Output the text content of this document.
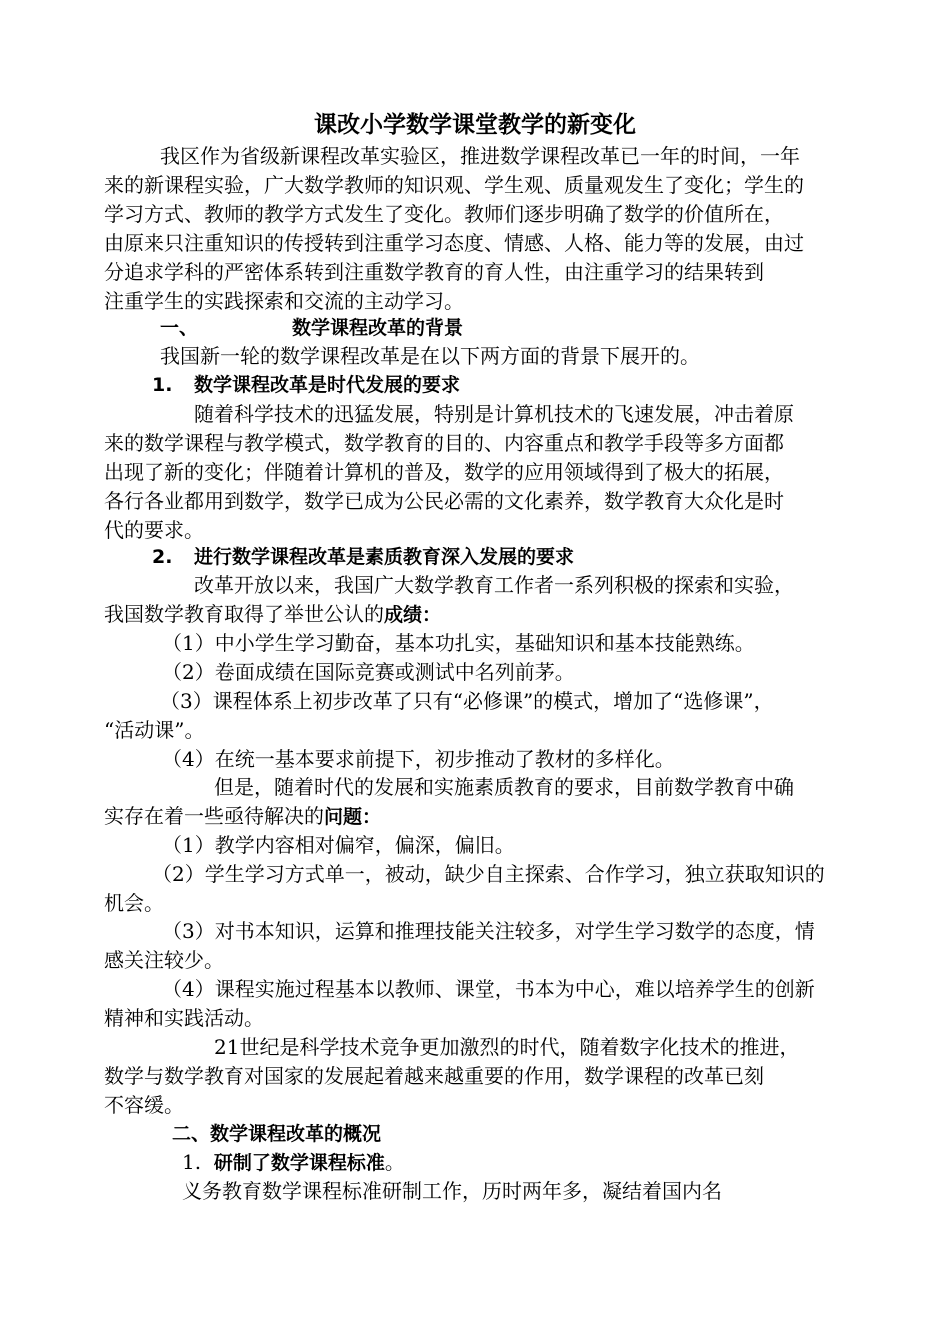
课改小学数学课堂教学的新变化
我区作为省级新课程改革实验区，推进数学课程改革已一年的时间，一年
来的新课程实验，广大数学教师的知识观、学生观、质量观发生了变化；学生的
学习方式、教师的教学方式发生了变化。教师们逐步明确了数学的价值所在，
由原来只注重知识的传授转到注重学习态度、情感、人格、能力等的发展，由过
分追求学科的严密体系转到注重数学教育的育人性，由注重学习的结果转到
注重学生的实践探索和交流的主动学习。
一、	数学课程改革的背景
我国新一轮的数学课程改革是在以下两方面的背景下展开的。
1.	数学课程改革是时代发展的要求
随着科学技术的迅猛发展，特别是计算机技术的飞速发展，冲击着原
来的数学课程与教学模式，数学教育的目的、内容重点和教学手段等多方面都
出现了新的变化；伴随着计算机的普及，数学的应用领域得到了极大的拓展，
各行各业都用到数学，数学已成为公民必需的文化素养，数学教育大众化是时
代的要求。
2.	进行数学课程改革是素质教育深入发展的要求
改革开放以来，我国广大数学教育工作者一系列积极的探索和实验，
我国数学教育取得了举世公认的成绩：
（1）中小学生学习勤奋，基本功扎实，基础知识和基本技能熟练。
（2）卷面成绩在国际竞赛或测试中名列前茅。
（3）课程体系上初步改革了只有“必修课”的模式，增加了“选修课”，
“活动课”。
（4）在统一基本要求前提下，初步推动了教材的多样化。
但是，随着时代的发展和实施素质教育的要求，目前数学教育中确
实存在着一些亟待解决的问题：
（1）教学内容相对偏窄，偏深，偏旧。
（2）学生学习方式单一，被动，缺少自主探索、合作学习，独立获取知识的
机会。
（3）对书本知识，运算和推理技能关注较多，对学生学习数学的态度，情
感关注较少。
（4）课程实施过程基本以教师、课堂，书本为中心，难以培养学生的创新
精神和实践活动。
21世纪是科学技术竞争更加激烈的时代，随着数字化技术的推进，
数学与数学教育对国家的发展起着越来越重要的作用，数学课程的改革已刻
不容缓。
二、数学课程改革的概况
1. 研制了数学课程标准。
义务教育数学课程标准研制工作，历时两年多，凝结着国内名
